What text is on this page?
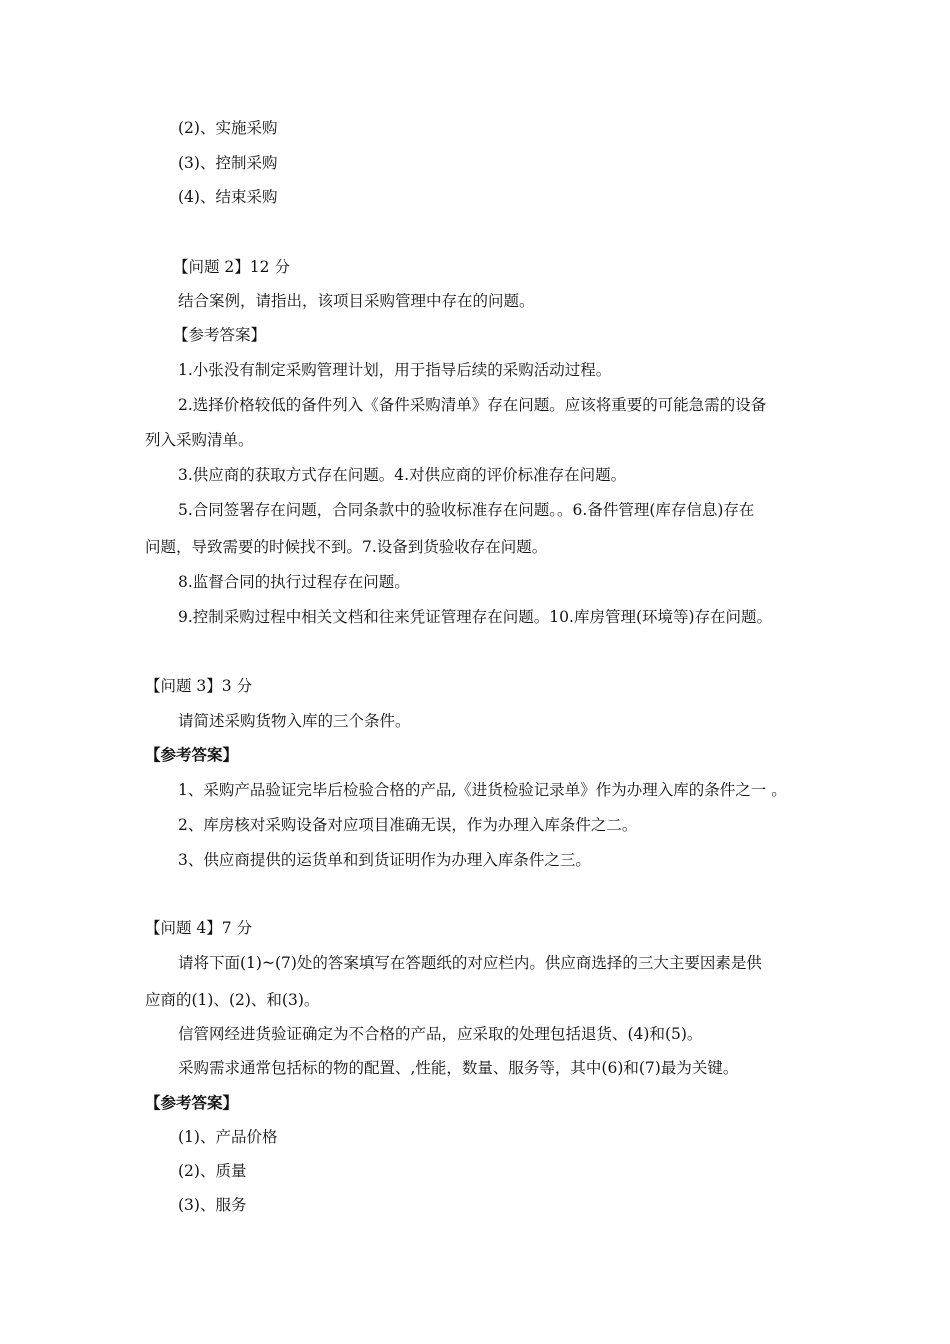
(2)、实施采购

(3)、控制采购

(4)、结束采购

【问题 2】12 分

结合案例，请指出，该项目采购管理中存在的问题。

【参考答案】

1.小张没有制定采购管理计划，用于指导后续的采购活动过程。

2.选择价格较低的备件列入《备件采购清单》存在问题。应该将重要的可能急需的设备

列入采购清单。

3.供应商的获取方式存在问题。4.对供应商的评价标准存在问题。

5.合同签署存在问题，合同条款中的验收标准存在问题。。6.备件管理(库存信息)存在

问题，导致需要的时候找不到。7.设备到货验收存在问题。

8.监督合同的执行过程存在问题。

9.控制采购过程中相关文档和往来凭证管理存在问题。10.库房管理(环境等)存在问题。

【问题 3】3 分

请简述采购货物入库的三个条件。

【参考答案】

1、采购产品验证完毕后检验合格的产品,《进货检验记录单》作为办理入库的条件之一 。

2、库房核对采购设备对应项目准确无误，作为办理入库条件之二。

3、供应商提供的运货单和到货证明作为办理入库条件之三。

【问题 4】7 分

请将下面(1)~(7)处的答案填写在答题纸的对应栏内。供应商选择的三大主要因素是供

应商的(1)、(2)、和(3)。

信管网经进货验证确定为不合格的产品，应采取的处理包括退货、(4)和(5)。

采购需求通常包括标的物的配置、,性能，数量、服务等，其中(6)和(7)最为关键。

【参考答案】

(1)、产品价格

(2)、质量

(3)、服务
